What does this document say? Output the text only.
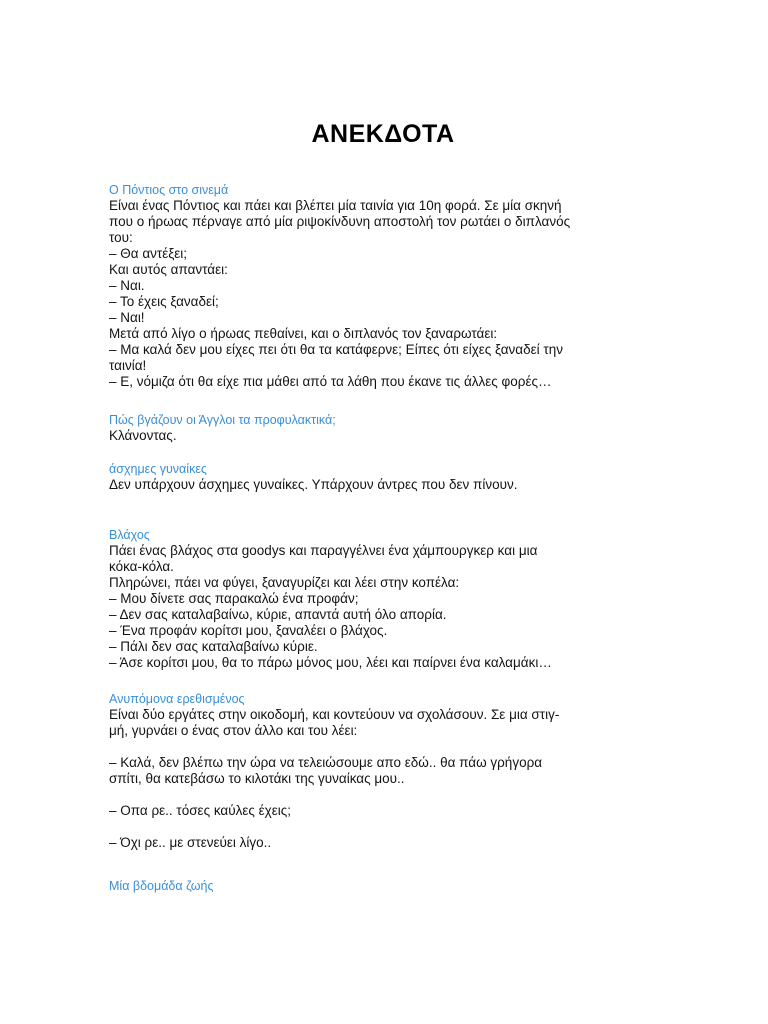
ΑΝΕΚΔΟΤΑ

Ο Πόντιος στο σινεμά

Είναι ένας Πόντιος και πάει και βλέπει μία ταινία για 10η φορά. Σε μία σκηνή

που ο ήρωας πέρναγε από μία ριψοκίνδυνη αποστολή τον ρωτάει ο διπλανός

του:

– Θα αντέξει;

Και αυτός απαντάει:

– Ναι.

– Το έχεις ξαναδεί;

– Ναι!

Μετά από λίγο ο ήρωας πεθαίνει, και ο διπλανός τον ξαναρωτάει:

– Μα καλά δεν μου είχες πει ότι θα τα κατάφερνε; Είπες ότι είχες ξαναδεί την

ταινία!

– Ε, νόμιζα ότι θα είχε πια μάθει από τα λάθη που έκανε τις άλλες φορές…

Πώς βγάζουν οι Άγγλοι τα προφυλακτικά;

Κλάνοντας.

άσχημες γυναίκες

Δεν υπάρχουν άσχημες γυναίκες. Υπάρχουν άντρες που δεν πίνουν.

Βλάχος

Πάει ένας βλάχος στα goodys και παραγγέλνει ένα χάμπουργκερ και μια

κόκα-κόλα.

Πληρώνει, πάει να φύγει, ξαναγυρίζει και λέει στην κοπέλα:

– Μου δίνετε σας παρακαλώ ένα προφάν;

– Δεν σας καταλαβαίνω, κύριε, απαντά αυτή όλο απορία.

– Ένα προφάν κορίτσι μου, ξαναλέει ο βλάχος.

– Πάλι δεν σας καταλαβαίνω κύριε.

– Άσε κορίτσι μου, θα το πάρω μόνος μου, λέει και παίρνει ένα καλαμάκι…

Ανυπόμονα ερεθισμένος

Είναι δύο εργάτες στην οικοδομή, και κοντεύουν να σχολάσουν. Σε μια στιγ-

μή, γυρνάει ο ένας στον άλλο και του λέει:

– Καλά, δεν βλέπω την ώρα να τελειώσουμε απο εδώ.. θα πάω γρήγορα

σπίτι, θα κατεβάσω το κιλοτάκι της γυναίκας μου..

– Οπα ρε.. τόσες καύλες έχεις;

– Όχι ρε.. με στενεύει λίγο..

Μία βδομάδα ζωής
